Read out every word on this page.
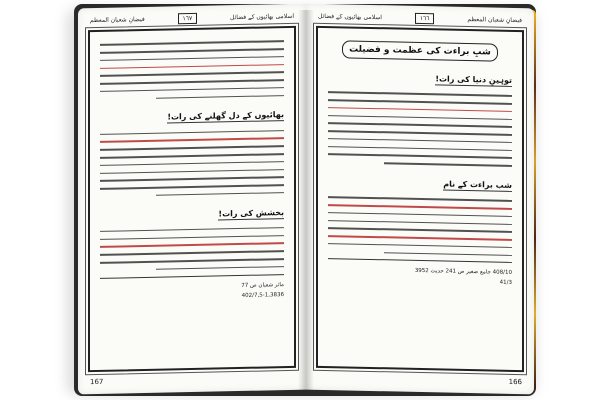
اسلامی بھائیوں کے فضائل
١٦٧
فیضانِ شعبان المعظم
بھائیوں کے دل گھلنے کی رات!
بخشش کی رات!
ماثر شعبان ص 77
402/7,5-1,3836
167
فیضانِ شعبان المعظم
١٦٦
اسلامی بھائیوں کے فضائل
شبِ براءت کی عظمت و فضیلت
توہینِ دنیا کی رات!
شب براءت کے نام
408/10 جامع صغیر ص 241 حدیث 3952
41/3
166
